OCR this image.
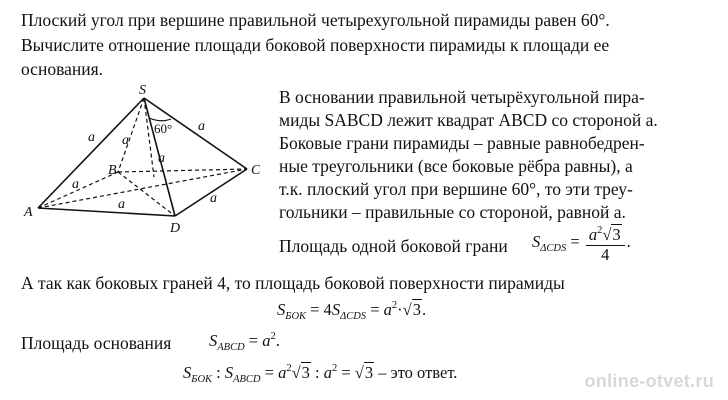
Плоский угол при вершине правильной четырехугольной пирамиды равен 60°.
Вычислите отношение площади боковой поверхности пирамиды к площади ее
основания.
S
A
B	C
D
60°
a a
a
a
a
a	a
В основании правильной четырёхугольной пира-
миды SABCD лежит квадрат ABCD со стороной a.
Боковые грани пирамиды – равные равнобедрен-
ные треугольники (все боковые рёбра равны), а
т.к. плоский угол при вершине 60°, то эти треу-
гольники – правильные со стороной, равной a.
Площадь одной боковой грани $S_{\Delta CDS} = \frac{a^2√3}{4}$ .
А так как боковых граней 4, то площадь боковой поверхности пирамиды
$S_{БОК} = 4S_{\Delta CDS} = a^2\cdot√3$.
Площадь основания $S_{ABCD} = a^2$.
$S_{БОК}$ : $S_{ABCD} = a^2√3$ : $a^2 = √3$ – это ответ.	online-otvet.ru
